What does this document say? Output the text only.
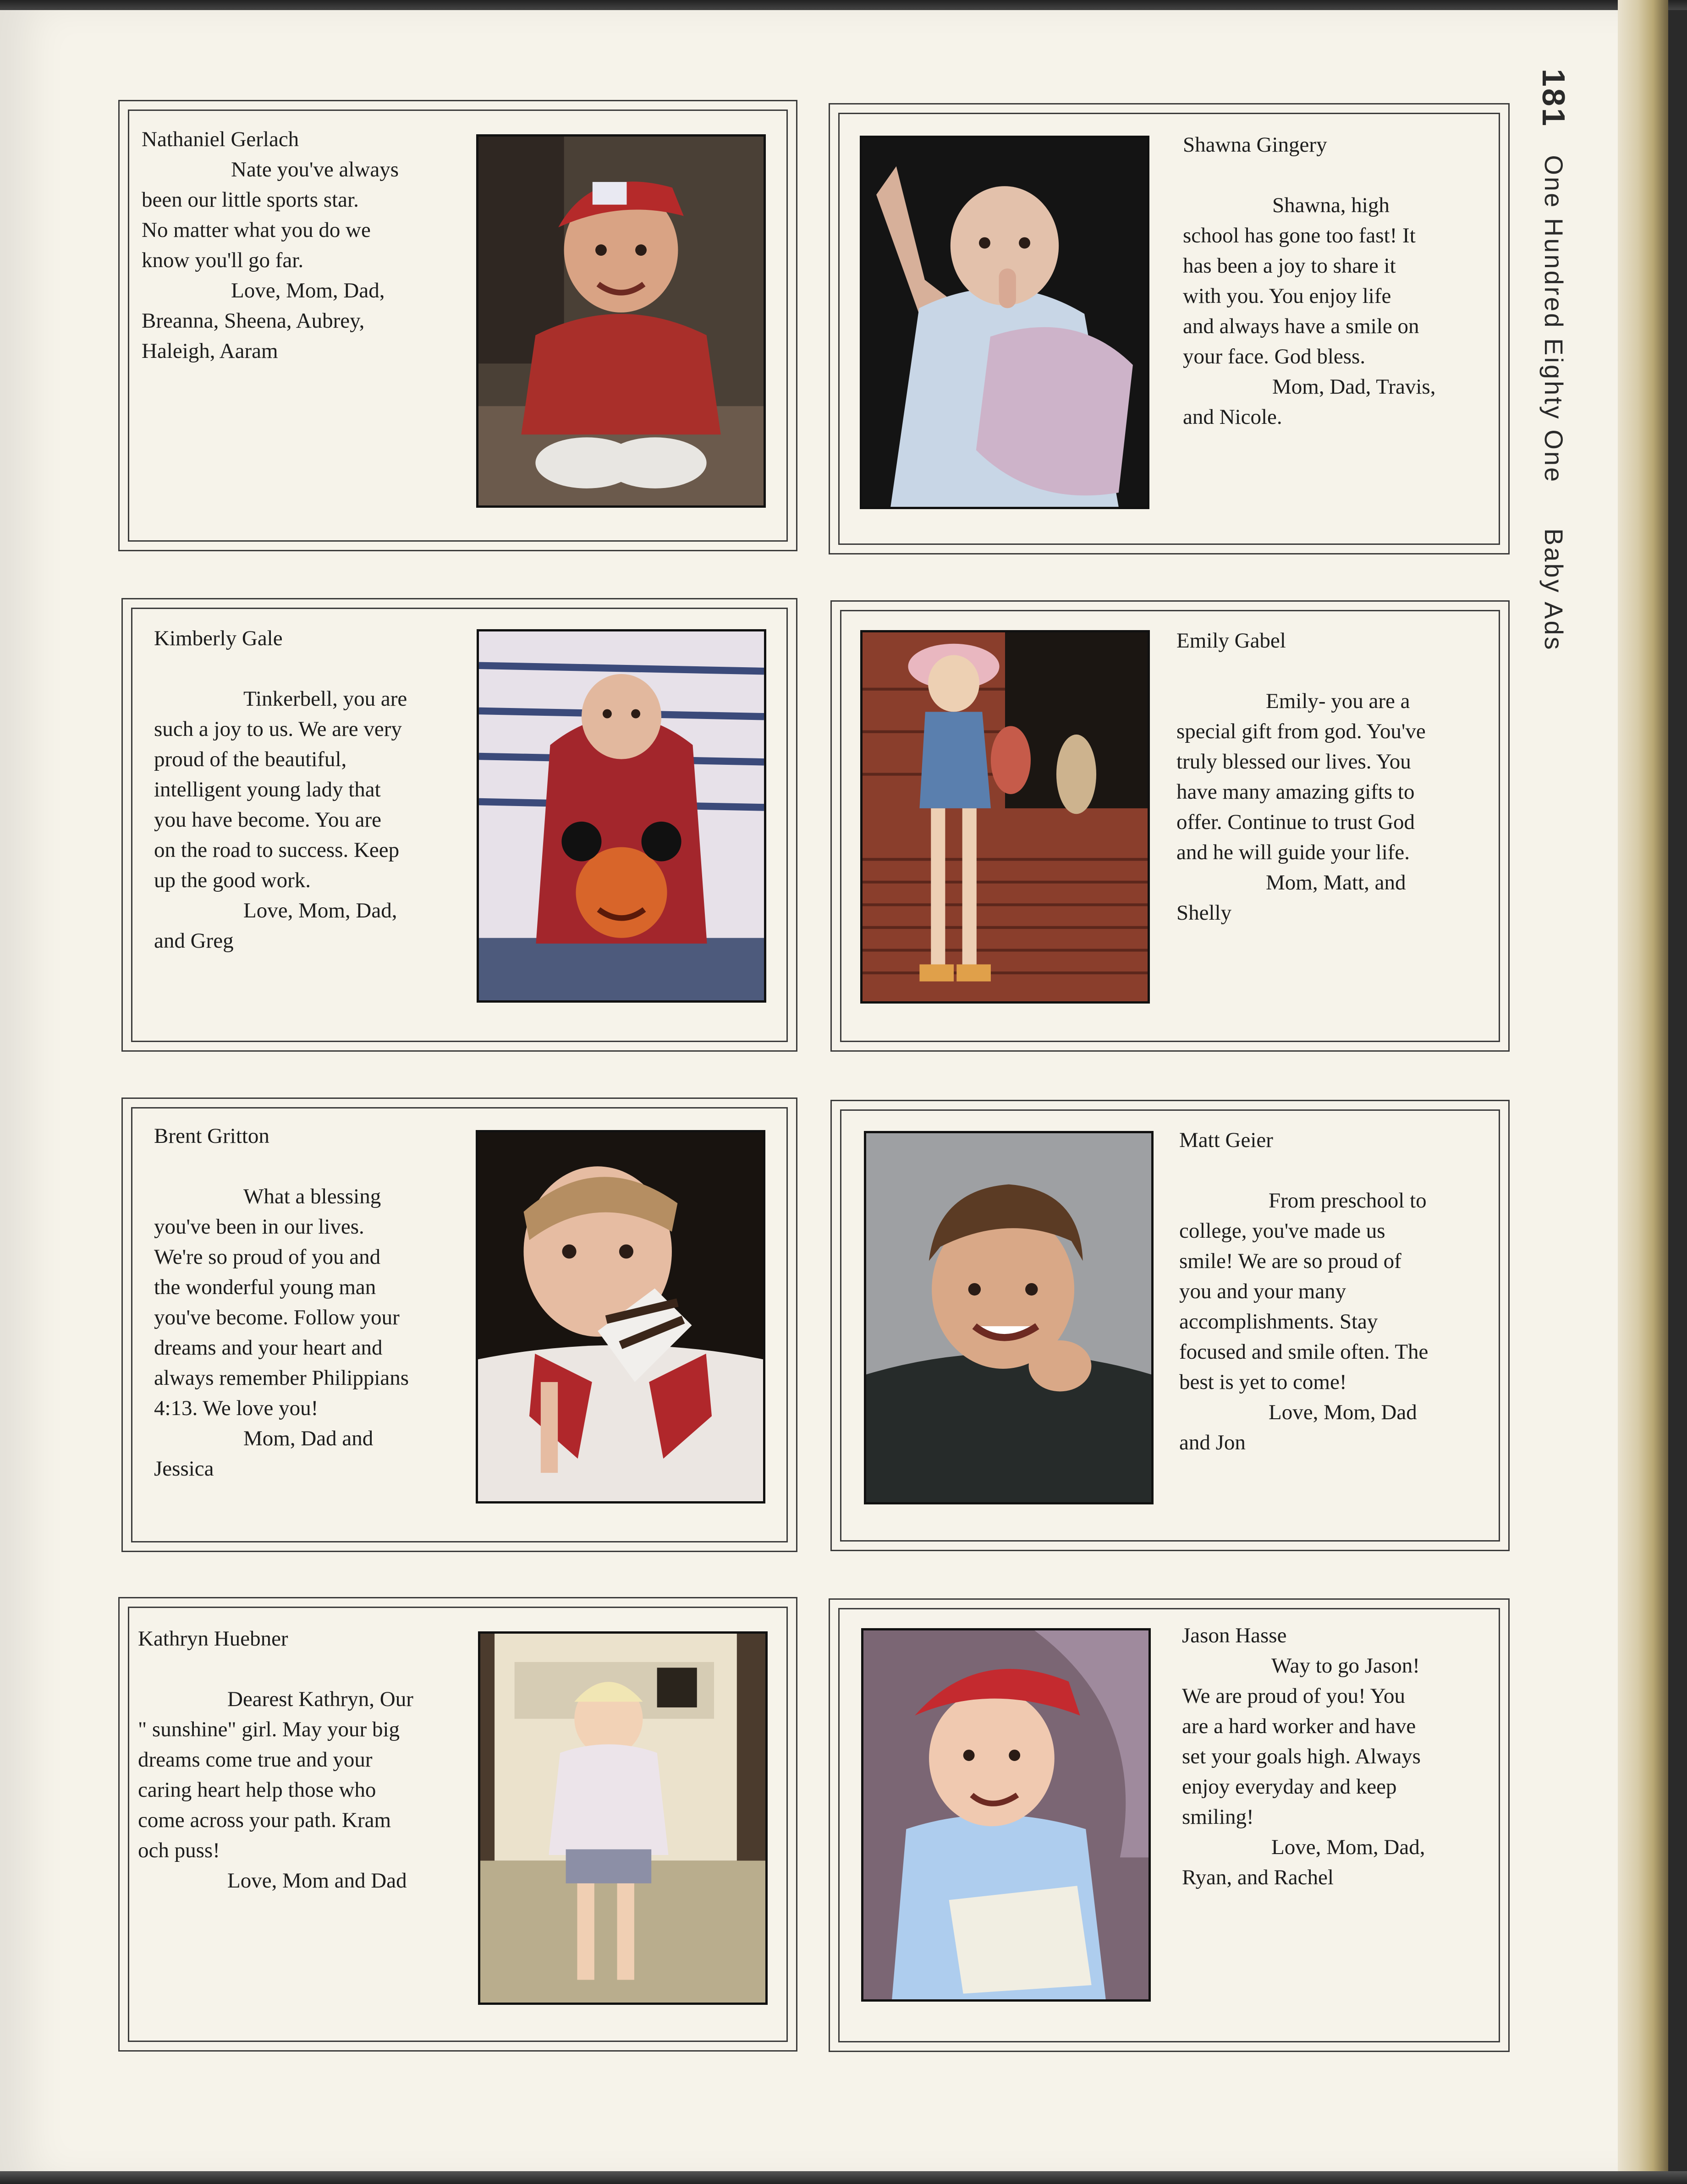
Nathaniel Gerlach

Nate you've always

been our little sports star.

No matter what you do we

know you'll go far.

Love, Mom, Dad,

Breanna, Sheena, Aubrey,

Haleigh, Aaram

Shawna Gingery

Shawna, high

school has gone too fast! It

has been a joy to share it

with you. You enjoy life

and always have a smile on

your face. God bless.

Mom, Dad, Travis,

and Nicole.

Kimberly Gale

Tinkerbell, you are

such a joy to us. We are very

proud of the beautiful,

intelligent young lady that

you have become. You are

on the road to success. Keep

up the good work.

Love, Mom, Dad,

and Greg

Emily Gabel

Emily- you are a

special gift from god. You've

truly blessed our lives. You

have many amazing gifts to

offer. Continue to trust God

and he will guide your life.

Mom, Matt, and

Shelly

Brent Gritton

What a blessing

you've been in our lives.

We're so proud of you and

the wonderful young man

you've become. Follow your

dreams and your heart and

always remember Philippians

4:13. We love you!

Mom, Dad and

Jessica

Matt Geier

From preschool to

college, you've made us

smile! We are so proud of

you and your many

accomplishments. Stay

focused and smile often. The

best is yet to come!

Love, Mom, Dad

and Jon

Kathryn Huebner

Dearest Kathryn, Our

" sunshine" girl. May your big

dreams come true and your

caring heart help those who

come across your path. Kram

och puss!

Love, Mom and Dad

Jason Hasse

Way to go Jason!

We are proud of you! You

are a hard worker and have

set your goals high. Always

enjoy everyday and keep

smiling!

Love, Mom, Dad,

Ryan, and Rachel

181 One Hundred Eighty One     Baby Ads
